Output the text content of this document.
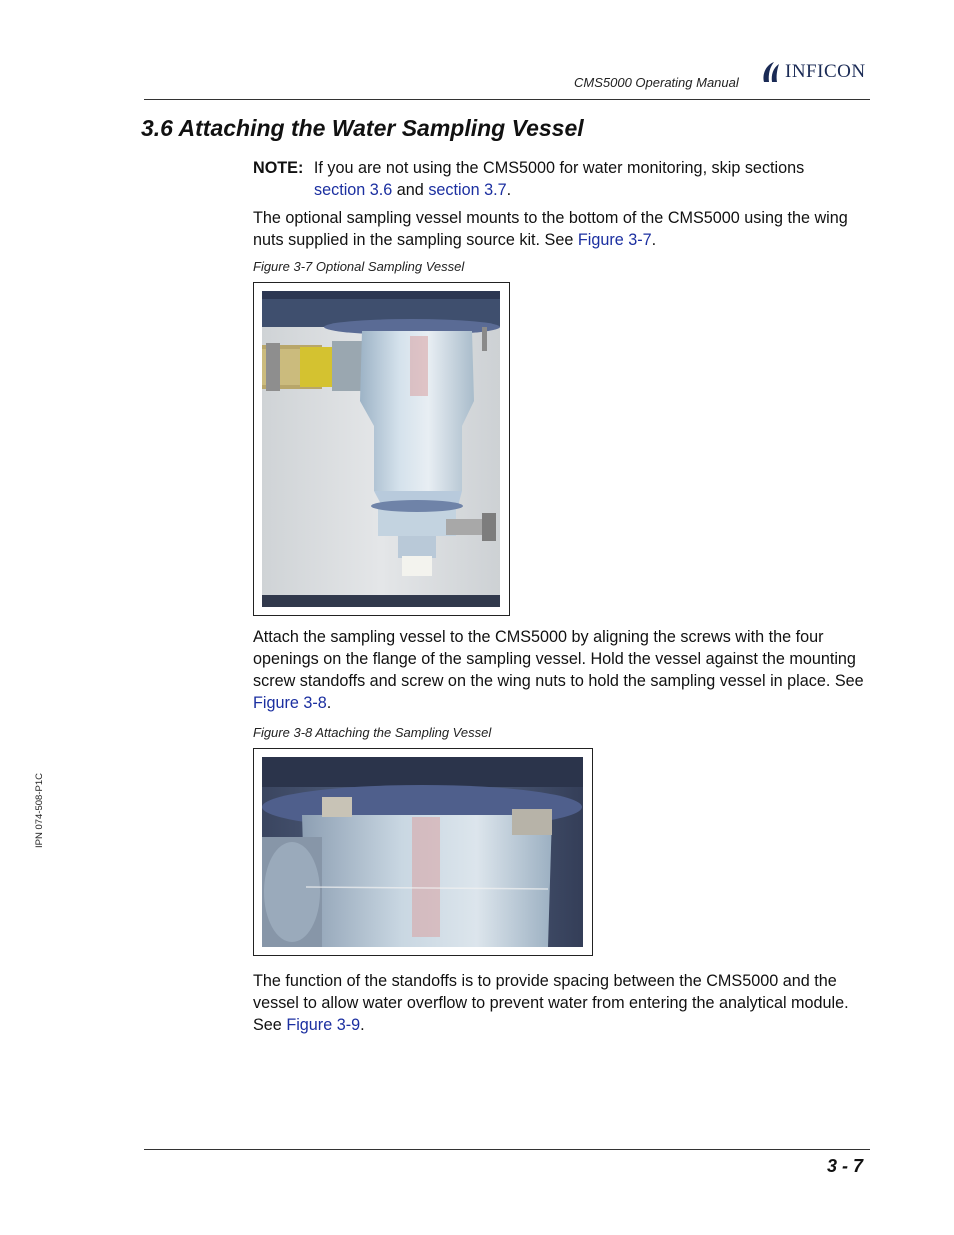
CMS5000 Operating Manual
INFICON
3.6 Attaching the Water Sampling Vessel
NOTE: If you are not using the CMS5000 for water monitoring, skip sections
section 3.6 and section 3.7.
The optional sampling vessel mounts to the bottom of the CMS5000 using the wing nuts supplied in the sampling source kit. See Figure 3-7.
Figure 3-7 Optional Sampling Vessel
Attach the sampling vessel to the CMS5000 by aligning the screws with the four openings on the flange of the sampling vessel. Hold the vessel against the mounting screw standoffs and screw on the wing nuts to hold the sampling vessel in place. See Figure 3-8.
Figure 3-8 Attaching the Sampling Vessel
The function of the standoffs is to provide spacing between the CMS5000 and the vessel to allow water overflow to prevent water from entering the analytical module. See Figure 3-9.
IPN 074-508-P1C
3 - 7
